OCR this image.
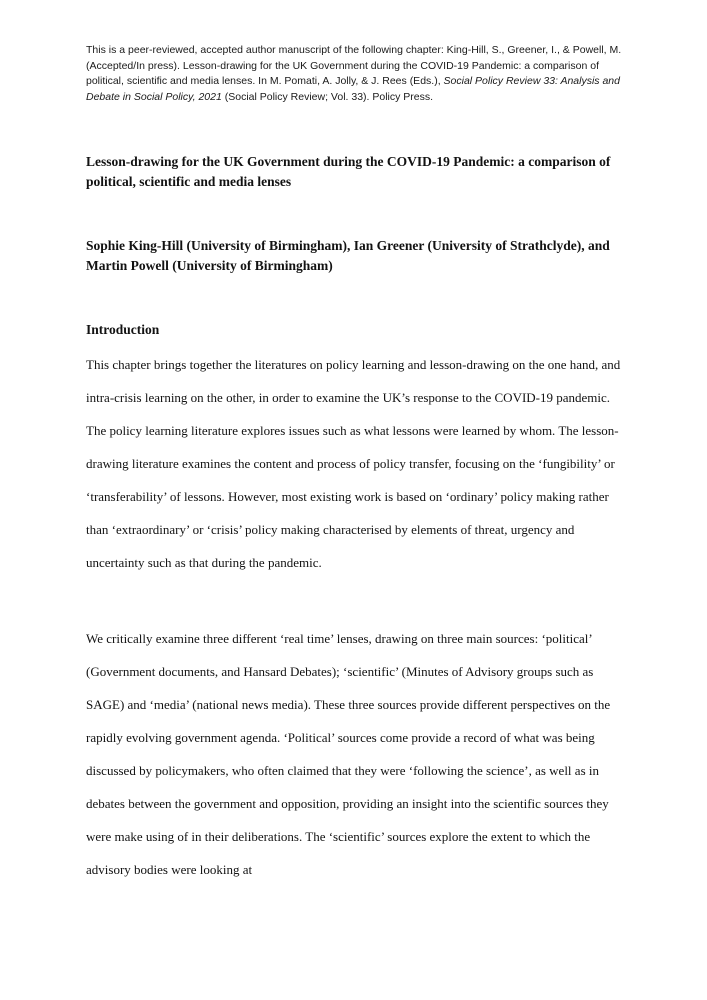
This is a peer-reviewed, accepted author manuscript of the following chapter: King-Hill, S., Greener, I., & Powell, M. (Accepted/In press). Lesson-drawing for the UK Government during the COVID-19 Pandemic: a comparison of political, scientific and media lenses. In M. Pomati, A. Jolly, & J. Rees (Eds.), Social Policy Review 33: Analysis and Debate in Social Policy, 2021 (Social Policy Review; Vol. 33). Policy Press.

Lesson-drawing for the UK Government during the COVID-19 Pandemic: a comparison of political, scientific and media lenses

Sophie King-Hill (University of Birmingham), Ian Greener (University of Strathclyde), and Martin Powell (University of Birmingham)

Introduction

This chapter brings together the literatures on policy learning and lesson-drawing on the one hand, and intra-crisis learning on the other, in order to examine the UK’s response to the COVID-19 pandemic. The policy learning literature explores issues such as what lessons were learned by whom. The lesson-drawing literature examines the content and process of policy transfer, focusing on the ‘fungibility’ or ‘transferability’ of lessons. However, most existing work is based on ‘ordinary’ policy making rather than ‘extraordinary’ or ‘crisis’ policy making characterised by elements of threat, urgency and uncertainty such as that during the pandemic.

We critically examine three different ‘real time’ lenses, drawing on three main sources: ‘political’ (Government documents, and Hansard Debates); ‘scientific’ (Minutes of Advisory groups such as SAGE) and ‘media’ (national news media). These three sources provide different perspectives on the rapidly evolving government agenda. ‘Political’ sources come provide a record of what was being discussed by policymakers, who often claimed that they were ‘following the science’, as well as in debates between the government and opposition, providing an insight into the scientific sources they were make using of in their deliberations. The ‘scientific’ sources explore the extent to which the advisory bodies were looking at
